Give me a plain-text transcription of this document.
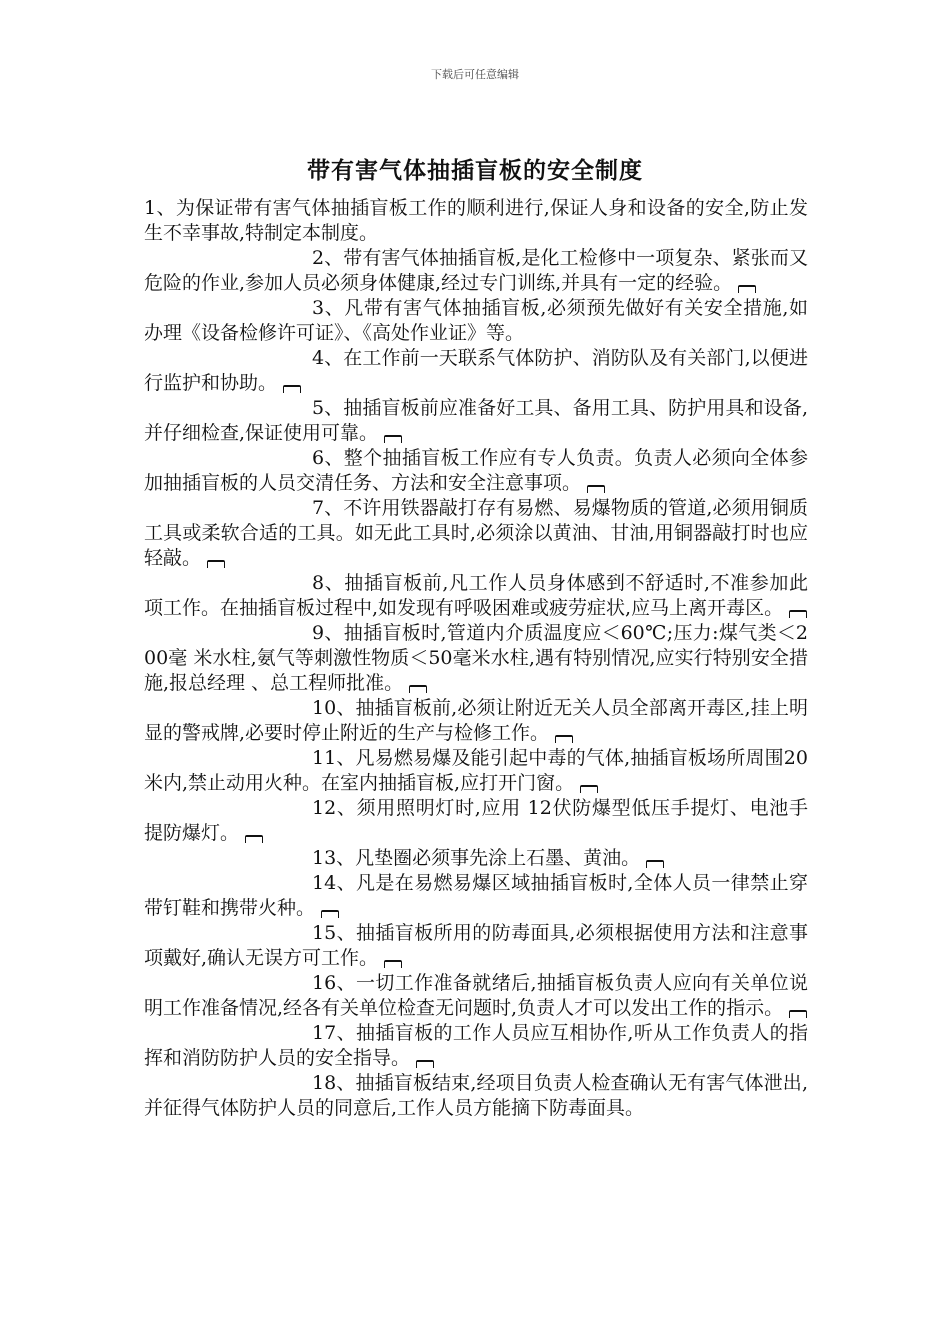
下载后可任意编辑
带有害气体抽插盲板的安全制度

1、为保证带有害气体抽插盲板工作的顺利进行,保证人身和设备的安全,防止发生不幸事故,特制定本制度。

2、带有害气体抽插盲板,是化工检修中一项复杂、紧张而又危险的作业,参加人员必须身体健康,经过专门训练,并具有一定的经验。

3、凡带有害气体抽插盲板,必须预先做好有关安全措施,如办理《设备检修许可证》、《高处作业证》等。

4、在工作前一天联系气体防护、消防队及有关部门,以便进行监护和协助。

5、抽插盲板前应准备好工具、备用工具、防护用具和设备,并仔细检查,保证使用可靠。

6、整个抽插盲板工作应有专人负责。负责人必须向全体参加抽插盲板的人员交清任务、方法和安全注意事项。

7、不许用铁器敲打存有易燃、易爆物质的管道,必须用铜质工具或柔软合适的工具。如无此工具时,必须涂以黄油、甘油,用铜器敲打时也应轻敲。

8、抽插盲板前,凡工作人员身体感到不舒适时,不准参加此项工作。在抽插盲板过程中,如发现有呼吸困难或疲劳症状,应马上离开毒区。

9、抽插盲板时,管道内介质温度应＜60℃;压力:煤气类＜200毫 米水柱,氨气等刺激性物质＜50毫米水柱,遇有特别情况,应实行特别安全措施,报总经理 、总工程师批准。

10、抽插盲板前,必须让附近无关人员全部离开毒区,挂上明显的警戒牌,必要时停止附近的生产与检修工作。

11、凡易燃易爆及能引起中毒的气体,抽插盲板场所周围20米内,禁止动用火种。在室内抽插盲板,应打开门窗。

12、须用照明灯时,应用 12伏防爆型低压手提灯、电池手提防爆灯。

13、凡垫圈必须事先涂上石墨、黄油。

14、凡是在易燃易爆区域抽插盲板时,全体人员一律禁止穿带钉鞋和携带火种。

15、抽插盲板所用的防毒面具,必须根据使用方法和注意事项戴好,确认无误方可工作。

16、一切工作准备就绪后,抽插盲板负责人应向有关单位说明工作准备情况,经各有关单位检查无问题时,负责人才可以发出工作的指示。

17、抽插盲板的工作人员应互相协作,听从工作负责人的指挥和消防防护人员的安全指导。

18、抽插盲板结束,经项目负责人检查确认无有害气体泄出,并征得气体防护人员的同意后,工作人员方能摘下防毒面具。
